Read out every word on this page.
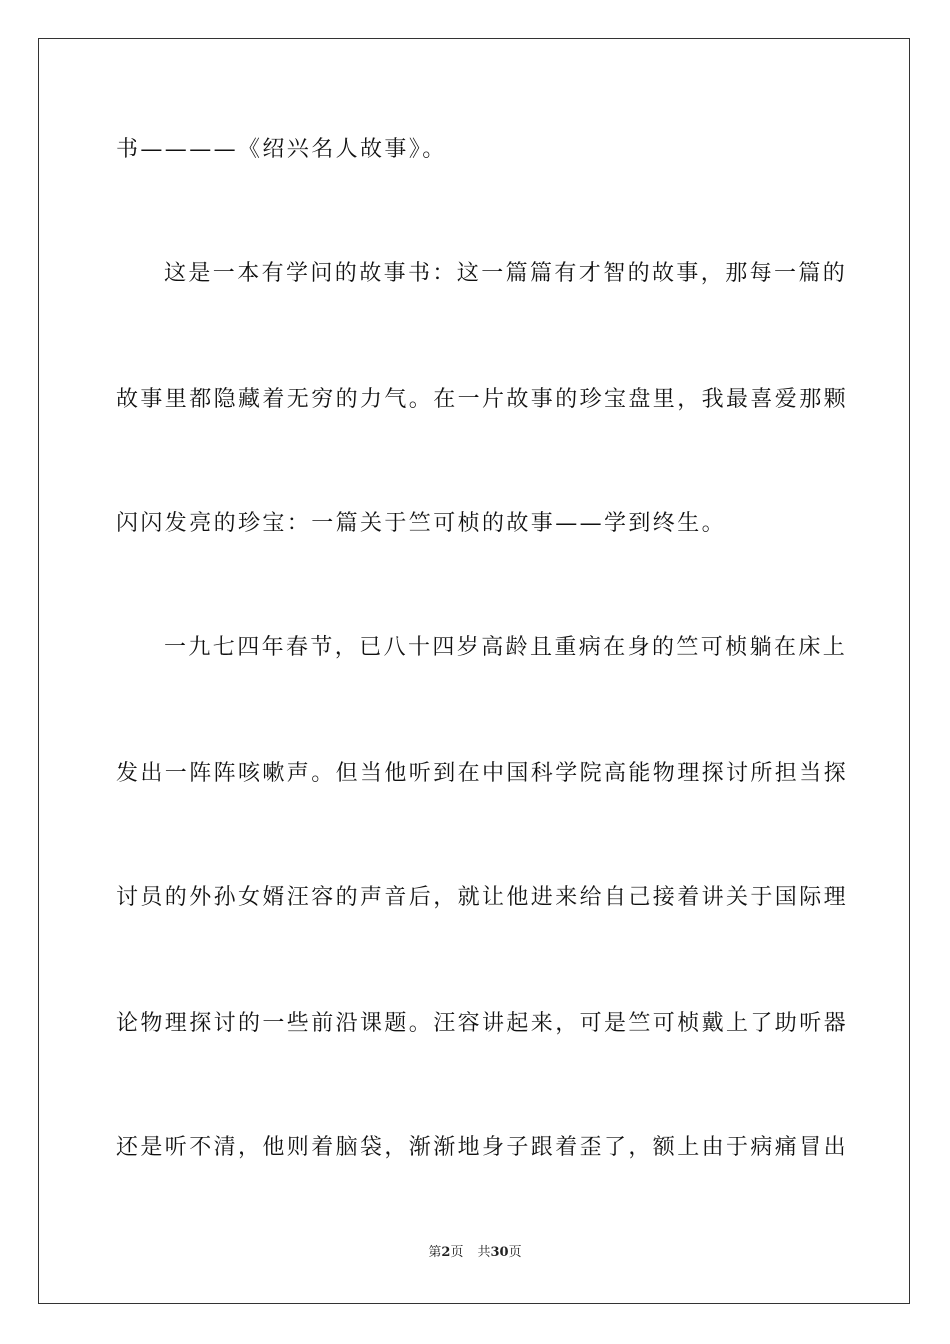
书————《绍兴名人故事》。
这是一本有学问的故事书：这一篇篇有才智的故事，那每一篇的
故事里都隐藏着无穷的力气。在一片故事的珍宝盘里，我最喜爱那颗
闪闪发亮的珍宝：一篇关于竺可桢的故事——学到终生。
一九七四年春节，已八十四岁高龄且重病在身的竺可桢躺在床上
发出一阵阵咳嗽声。但当他听到在中国科学院高能物理探讨所担当探
讨员的外孙女婿汪容的声音后，就让他进来给自己接着讲关于国际理
论物理探讨的一些前沿课题。汪容讲起来，可是竺可桢戴上了助听器
还是听不清，他则着脑袋，渐渐地身子跟着歪了，额上由于病痛冒出
第2页 共30页
